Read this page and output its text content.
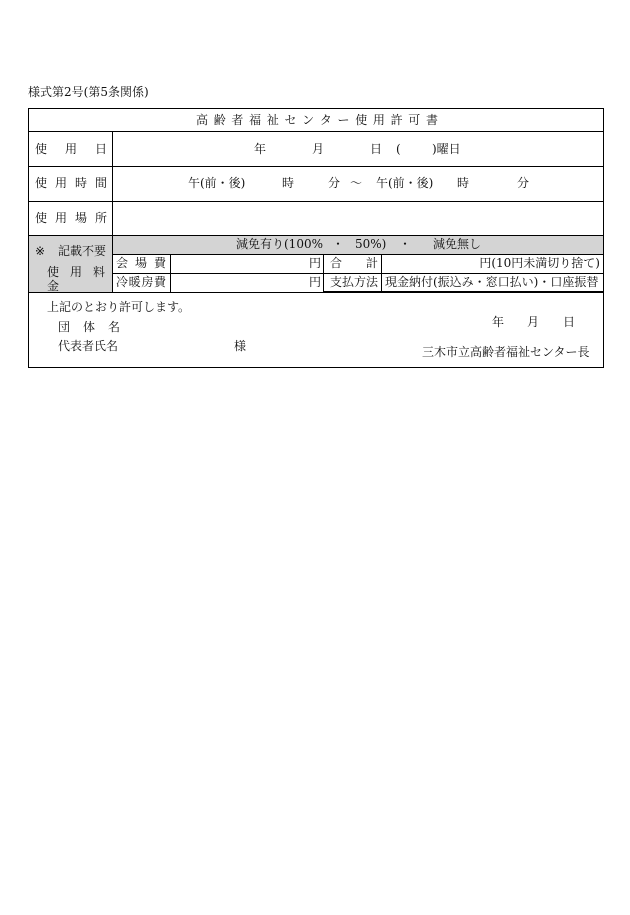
様式第2号(第5条関係)
高 齢 者 福 祉 セ ン タ ー 使 用 許 可 書
使 用 日	年	月	日 (	)曜日
使 用 時 間	午(前・後)	時	分 ～ 午(前・後) 時	分
使 用 場 所
※ 記載不要
使 用 料 金
減免有り(100% ・ 50%) ・ 減免無し
会 場 費	円 合 計	円(10円未満切り捨て)
冷暖房費	円 支払方法 現金納付(振込み・窓口払い)・口座振替
上記のとおり許可します。
団 体 名
代表者氏名	様
年 月 日
三木市立高齢者福祉センター長
